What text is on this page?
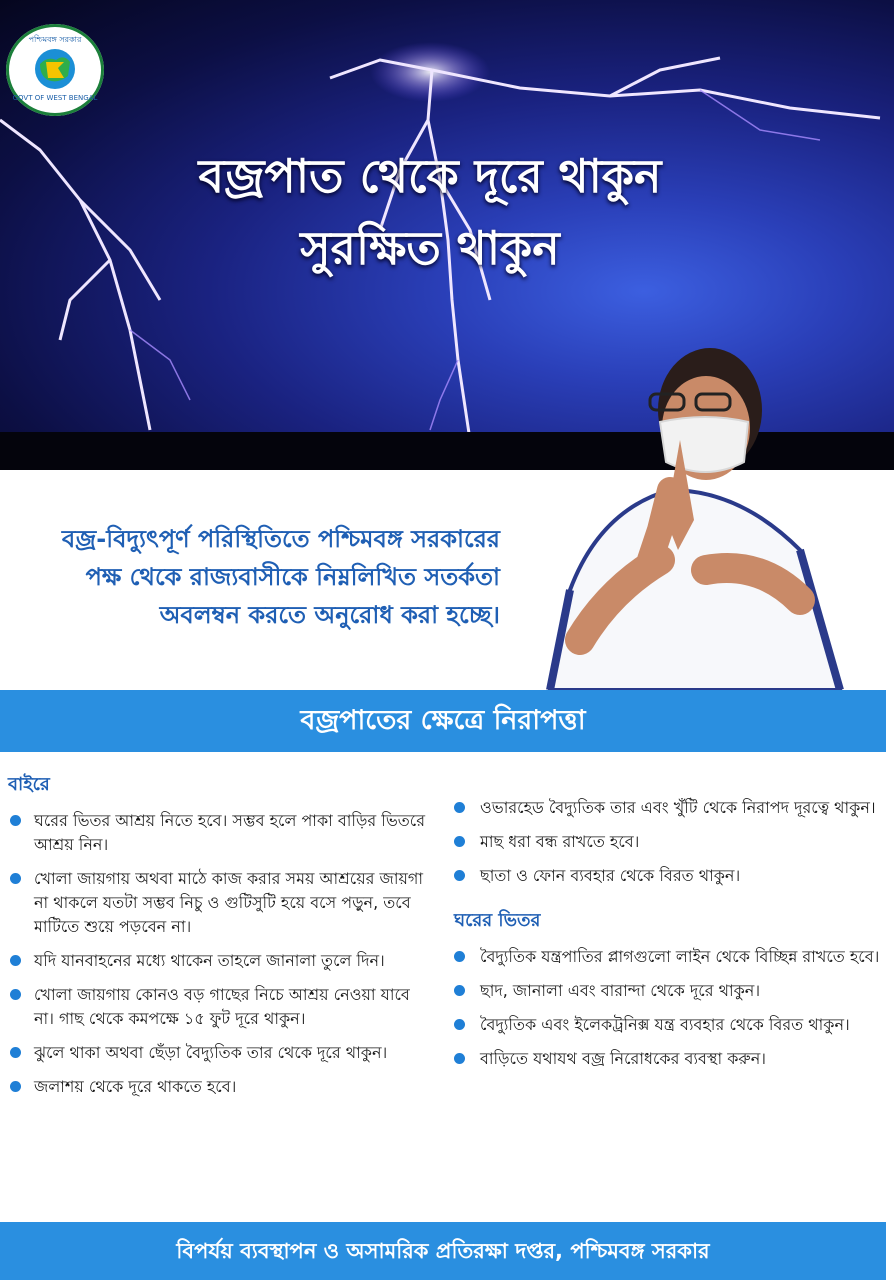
পশ্চিমবঙ্গ সরকার
GOVT OF WEST BENGAL
বজ্রপাত থেকে দূরে থাকুন
সুরক্ষিত থাকুন
বজ্র-বিদ্যুৎপূর্ণ পরিস্থিতিতে পশ্চিমবঙ্গ সরকারের
পক্ষ থেকে রাজ্যবাসীকে নিম্নলিখিত সতর্কতা
অবলম্বন করতে অনুরোধ করা হচ্ছে।
বজ্রপাতের ক্ষেত্রে নিরাপত্তা
বাইরে
ঘরের ভিতর আশ্রয় নিতে হবে। সম্ভব হলে পাকা বাড়ির ভিতরে আশ্রয় নিন।
খোলা জায়গায় অথবা মাঠে কাজ করার সময় আশ্রয়ের জায়গা না থাকলে যতটা সম্ভব নিচু ও গুটিসুটি হয়ে বসে পড়ুন, তবে মাটিতে শুয়ে পড়বেন না।
যদি যানবাহনের মধ্যে থাকেন তাহলে জানালা তুলে দিন।
খোলা জায়গায় কোনও বড় গাছের নিচে আশ্রয় নেওয়া যাবে না। গাছ থেকে কমপক্ষে ১৫ ফুট দূরে থাকুন।
ঝুলে থাকা অথবা ছেঁড়া বৈদ্যুতিক তার থেকে দূরে থাকুন।
জলাশয় থেকে দূরে থাকতে হবে।
ওভারহেড বৈদ্যুতিক তার এবং খুঁটি থেকে নিরাপদ দূরত্বে থাকুন।
মাছ ধরা বন্ধ রাখতে হবে।
ছাতা ও ফোন ব্যবহার থেকে বিরত থাকুন।
ঘরের ভিতর
বৈদ্যুতিক যন্ত্রপাতির প্লাগগুলো লাইন থেকে বিচ্ছিন্ন রাখতে হবে।
ছাদ, জানালা এবং বারান্দা থেকে দূরে থাকুন।
বৈদ্যুতিক এবং ইলেকট্রনিক্স যন্ত্র ব্যবহার থেকে বিরত থাকুন।
বাড়িতে যথাযথ বজ্র নিরোধকের ব্যবস্থা করুন।
বিপর্যয় ব্যবস্থাপন ও অসামরিক প্রতিরক্ষা দপ্তর, পশ্চিমবঙ্গ সরকার
